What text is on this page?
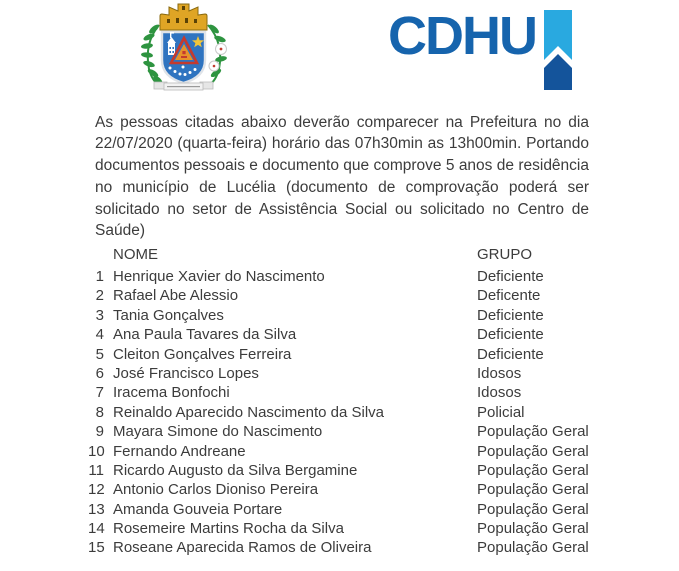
CDHU

As pessoas citadas abaixo deverão comparecer na Prefeitura no dia 22/07/2020 (quarta-feira) horário das 07h30min as 13h00min. Portando documentos pessoais e documento que comprove 5 anos de residência no município de Lucélia (documento de comprovação poderá ser solicitado no setor de Assistência Social ou solicitado no Centro de Saúde)

NOME	GRUPO
1 Henrique Xavier do Nascimento	Deficiente
2 Rafael Abe Alessio	Deficente
3 Tania Gonçalves	Deficiente
4 Ana Paula Tavares da Silva	Deficiente
5 Cleiton Gonçalves Ferreira	Deficiente
6 José Francisco Lopes	Idosos
7 Iracema Bonfochi	Idosos
8 Reinaldo Aparecido Nascimento da Silva	Policial
9 Mayara Simone do Nascimento	População Geral
10 Fernando Andreane	População Geral
11 Ricardo Augusto da Silva Bergamine	População Geral
12 Antonio Carlos Dioniso Pereira	População Geral
13 Amanda Gouveia Portare	População Geral
14 Rosemeire Martins Rocha da Silva	População Geral
15 Roseane Aparecida Ramos de Oliveira	População Geral
